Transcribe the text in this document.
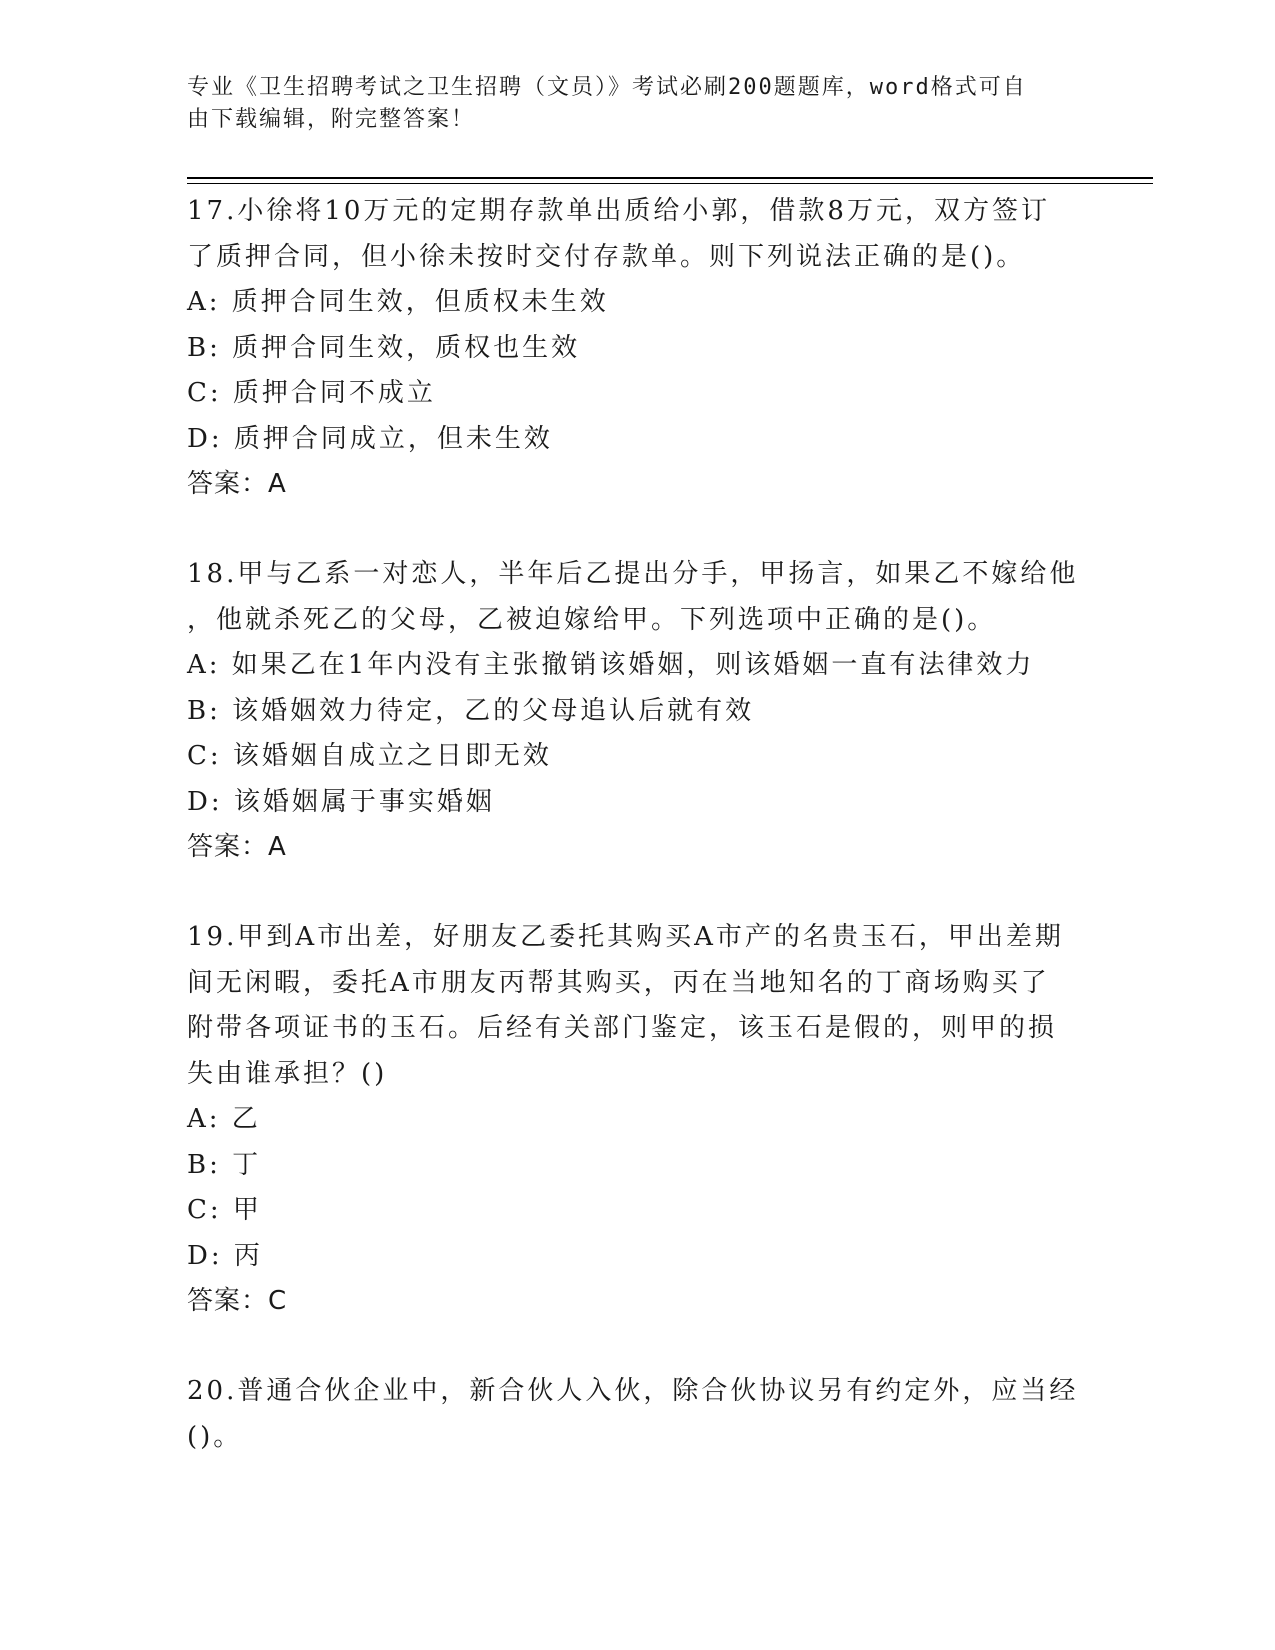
专业《卫生招聘考试之卫生招聘（文员）》考试必刷200题题库，word格式可自
由下载编辑，附完整答案！
17.小徐将10万元的定期存款单出质给小郭，借款8万元，双方签订
了质押合同，但小徐未按时交付存款单。则下列说法正确的是()。
A: 质押合同生效，但质权未生效
B: 质押合同生效，质权也生效
C: 质押合同不成立
D: 质押合同成立，但未生效
答案：A
18.甲与乙系一对恋人，半年后乙提出分手，甲扬言，如果乙不嫁给他
，他就杀死乙的父母，乙被迫嫁给甲。下列选项中正确的是()。
A: 如果乙在1年内没有主张撤销该婚姻，则该婚姻一直有法律效力
B: 该婚姻效力待定，乙的父母追认后就有效
C: 该婚姻自成立之日即无效
D: 该婚姻属于事实婚姻
答案：A
19.甲到A市出差，好朋友乙委托其购买A市产的名贵玉石，甲出差期
间无闲暇，委托A市朋友丙帮其购买，丙在当地知名的丁商场购买了
附带各项证书的玉石。后经有关部门鉴定，该玉石是假的，则甲的损
失由谁承担？()
A: 乙
B: 丁
C: 甲
D: 丙
答案：C
20.普通合伙企业中，新合伙人入伙，除合伙协议另有约定外，应当经
()。
